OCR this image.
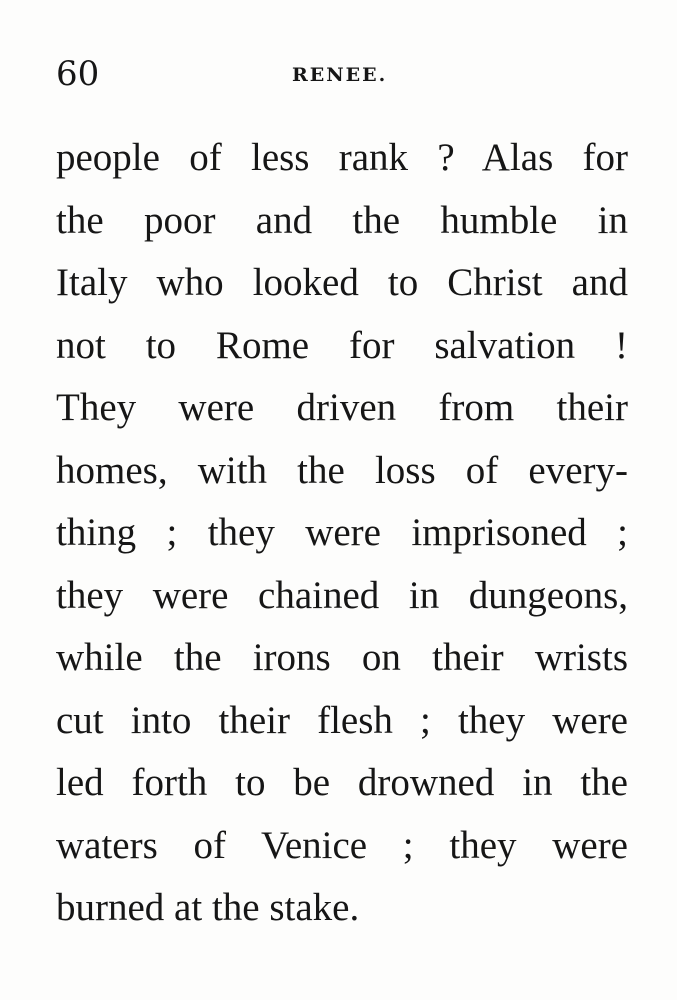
60	RENEE.
people of less rank ? Alas for
the poor and the humble in
Italy who looked to Christ and
not to Rome for salvation !
They were driven from their
homes, with the loss of every-
thing ; they were imprisoned ;
they were chained in dungeons,
while the irons on their wrists
cut into their flesh ; they were
led forth to be drowned in the
waters of Venice ; they were
burned at the stake.
